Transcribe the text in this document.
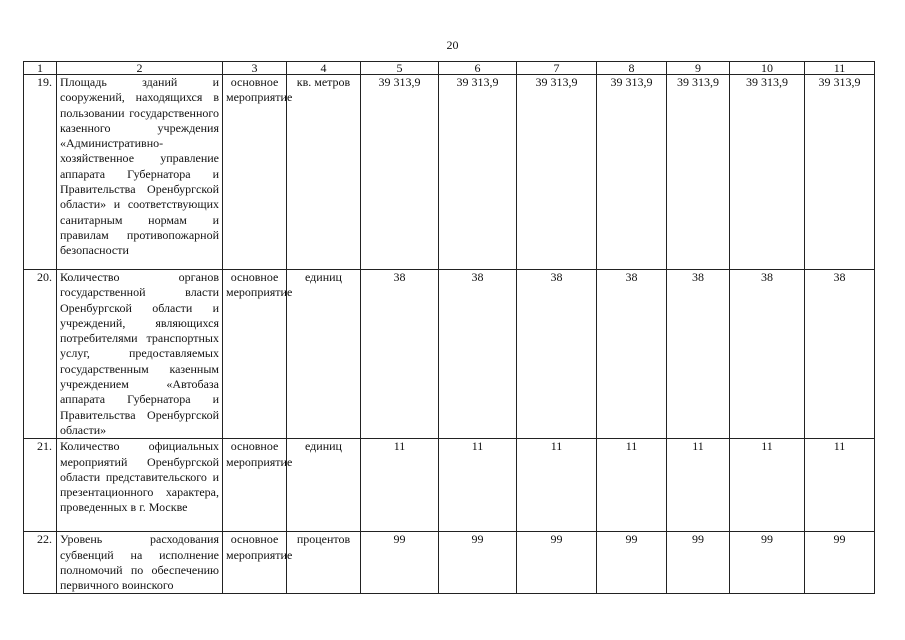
20
1	2	3	4	5	6	7	8	9	10	11
19.	Площадь зданий и сооружений, находящихся в пользовании государственного казенного учреждения «Административно-хозяйственное управление аппарата Губернатора и Правительства Оренбургской области» и соответствующих санитарным нормам и правилам противопожарной безопасности	основное мероприятие	кв. метров	39 313,9	39 313,9	39 313,9	39 313,9	39 313,9	39 313,9	39 313,9
20.	Количество органов государственной власти Оренбургской области и учреждений, являющихся потребителями транспортных услуг, предоставляемых государственным казенным учреждением «Автобаза аппарата Губернатора и Правительства Оренбургской области»	основное мероприятие	единиц	38	38	38	38	38	38	38
21.	Количество официальных мероприятий Оренбургской области представительского и презентационного характера, проведенных в г. Москве	основное мероприятие	единиц	11	11	11	11	11	11	11
22.	Уровень расходования субвенций на исполнение полномочий по обеспечению первичного воинского	основное мероприятие	процентов	99	99	99	99	99	99	99
